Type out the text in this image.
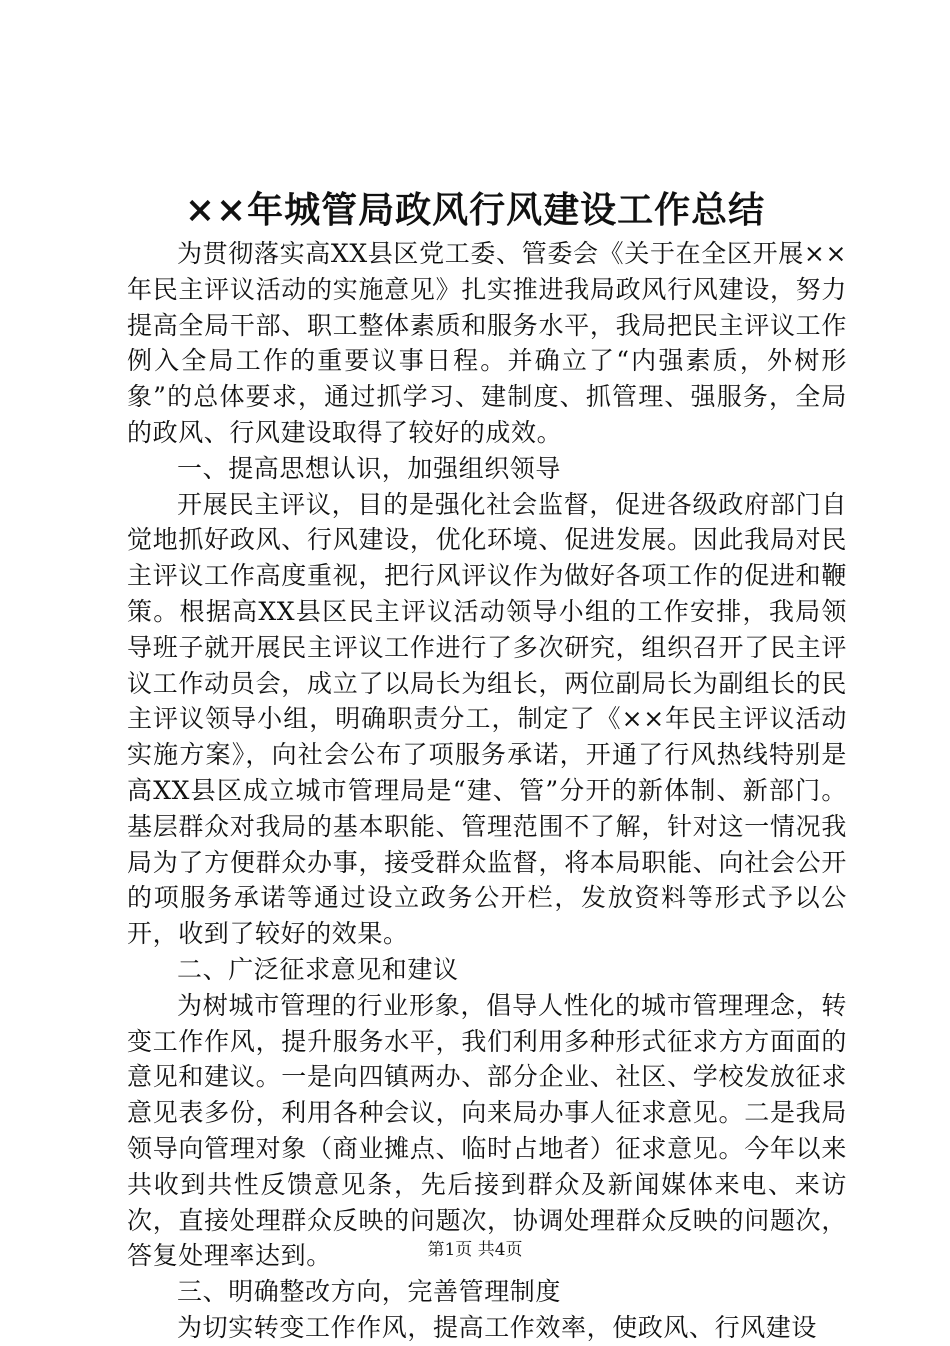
××年城管局政风行风建设工作总结

为贯彻落实高XX县区党工委、管委会《关于在全区开展××年民主评议活动的实施意见》扎实推进我局政风行风建设，努力提高全局干部、职工整体素质和服务水平，我局把民主评议工作例入全局工作的重要议事日程。并确立了“内强素质，外树形象”的总体要求，通过抓学习、建制度、抓管理、强服务，全局的政风、行风建设取得了较好的成效。

一、提高思想认识，加强组织领导

开展民主评议，目的是强化社会监督，促进各级政府部门自觉地抓好政风、行风建设，优化环境、促进发展。因此我局对民主评议工作高度重视，把行风评议作为做好各项工作的促进和鞭策。根据高XX县区民主评议活动领导小组的工作安排，我局领导班子就开展民主评议工作进行了多次研究，组织召开了民主评议工作动员会，成立了以局长为组长，两位副局长为副组长的民主评议领导小组，明确职责分工，制定了《××年民主评议活动实施方案》，向社会公布了项服务承诺，开通了行风热线特别是高XX县区成立城市管理局是“建、管”分开的新体制、新部门。基层群众对我局的基本职能、管理范围不了解，针对这一情况我局为了方便群众办事，接受群众监督，将本局职能、向社会公开的项服务承诺等通过设立政务公开栏，发放资料等形式予以公开，收到了较好的效果。

二、广泛征求意见和建议

为树城市管理的行业形象，倡导人性化的城市管理理念，转变工作作风，提升服务水平，我们利用多种形式征求方方面面的意见和建议。一是向四镇两办、部分企业、社区、学校发放征求意见表多份，利用各种会议，向来局办事人征求意见。二是我局领导向管理对象（商业摊点、临时占地者）征求意见。今年以来共收到共性反馈意见条，先后接到群众及新闻媒体来电、来访次，直接处理群众反映的问题次，协调处理群众反映的问题次，答复处理率达到。

三、明确整改方向，完善管理制度

为切实转变工作作风，提高工作效率，使政风、行风建设

第1页 共4页
